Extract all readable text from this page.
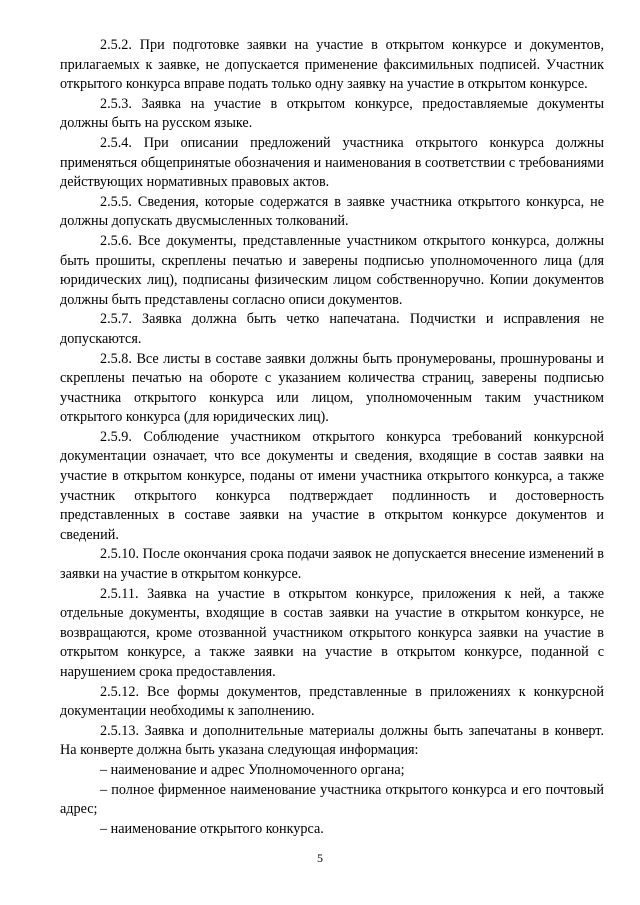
2.5.2. При подготовке заявки на участие в открытом конкурсе и документов, прилагаемых к заявке, не допускается применение факсимильных подписей. Участник открытого конкурса вправе подать только одну заявку на участие в открытом конкурсе.

2.5.3. Заявка на участие в открытом конкурсе, предоставляемые документы должны быть на русском языке.

2.5.4. При описании предложений участника открытого конкурса должны применяться общепринятые обозначения и наименования в соответствии с требованиями действующих нормативных правовых актов.

2.5.5. Сведения, которые содержатся в заявке участника открытого конкурса, не должны допускать двусмысленных толкований.

2.5.6. Все документы, представленные участником открытого конкурса, должны быть прошиты, скреплены печатью и заверены подписью уполномоченного лица (для юридических лиц), подписаны физическим лицом собственноручно. Копии документов должны быть представлены согласно описи документов.

2.5.7. Заявка должна быть четко напечатана. Подчистки и исправления не допускаются.

2.5.8. Все листы в составе заявки должны быть пронумерованы, прошнурованы и скреплены печатью на обороте с указанием количества страниц, заверены подписью участника открытого конкурса или лицом, уполномоченным таким участником открытого конкурса (для юридических лиц).

2.5.9. Соблюдение участником открытого конкурса требований конкурсной документации означает, что все документы и сведения, входящие в состав заявки на участие в открытом конкурсе, поданы от имени участника открытого конкурса, а также участник открытого конкурса подтверждает подлинность и достоверность представленных в составе заявки на участие в открытом конкурсе документов и сведений.

2.5.10. После окончания срока подачи заявок не допускается внесение изменений в заявки на участие в открытом конкурсе.

2.5.11. Заявка на участие в открытом конкурсе, приложения к ней, а также отдельные документы, входящие в состав заявки на участие в открытом конкурсе, не возвращаются, кроме отозванной участником открытого конкурса заявки на участие в открытом конкурсе, а также заявки на участие в открытом конкурсе, поданной с нарушением срока предоставления.

2.5.12. Все формы документов, представленные в приложениях к конкурсной документации необходимы к заполнению.

2.5.13. Заявка и дополнительные материалы должны быть запечатаны в конверт. На конверте должна быть указана следующая информация:

– наименование и адрес Уполномоченного органа;

– полное фирменное наименование участника открытого конкурса и его почтовый адрес;

– наименование открытого конкурса.

5
